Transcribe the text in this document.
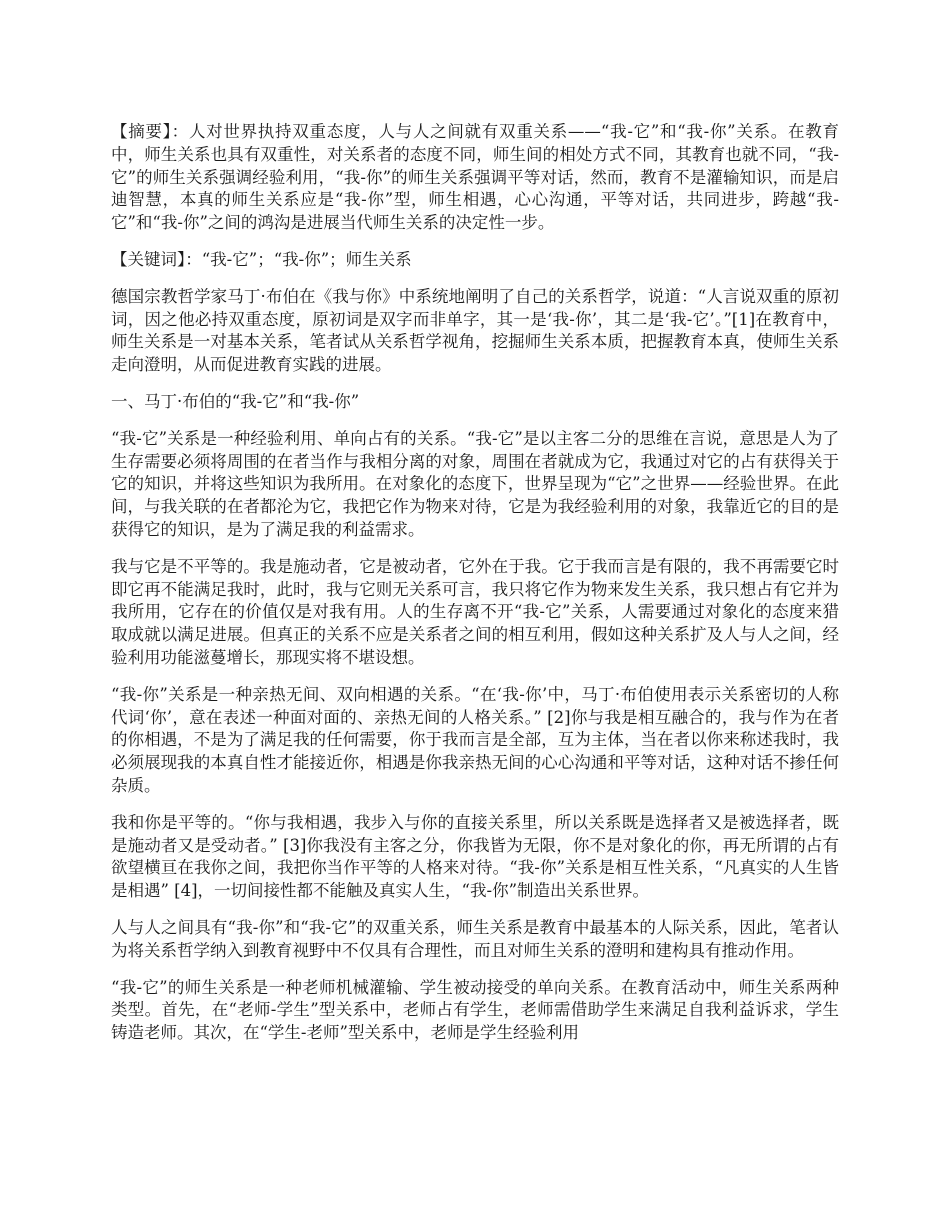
【摘要】：人对世界执持双重态度，人与人之间就有双重关系——“我-它”和“我-你”关系。在教育中，师生关系也具有双重性，对关系者的态度不同，师生间的相处方式不同，其教育也就不同，“我-它”的师生关系强调经验利用，“我-你”的师生关系强调平等对话，然而，教育不是灌输知识，而是启迪智慧，本真的师生关系应是“我-你”型，师生相遇，心心沟通，平等对话，共同进步，跨越“我-它”和“我-你”之间的鸿沟是进展当代师生关系的决定性一步。

【关键词】：“我-它”；“我-你”；师生关系

德国宗教哲学家马丁·布伯在《我与你》中系统地阐明了自己的关系哲学，说道：“人言说双重的原初词，因之他必持双重态度，原初词是双字而非单字，其一是‘我-你’，其二是‘我-它’。”[1]在教育中，师生关系是一对基本关系，笔者试从关系哲学视角，挖掘师生关系本质，把握教育本真，使师生关系走向澄明，从而促进教育实践的进展。

一、马丁·布伯的“我-它”和“我-你”

“我-它”关系是一种经验利用、单向占有的关系。“我-它”是以主客二分的思维在言说，意思是人为了生存需要必须将周围的在者当作与我相分离的对象，周围在者就成为它，我通过对它的占有获得关于它的知识，并将这些知识为我所用。在对象化的态度下，世界呈现为“它”之世界——经验世界。在此间，与我关联的在者都沦为它，我把它作为物来对待，它是为我经验利用的对象，我靠近它的目的是获得它的知识，是为了满足我的利益需求。

我与它是不平等的。我是施动者，它是被动者，它外在于我。它于我而言是有限的，我不再需要它时即它再不能满足我时，此时，我与它则无关系可言，我只将它作为物来发生关系，我只想占有它并为我所用，它存在的价值仅是对我有用。人的生存离不开“我-它”关系，人需要通过对象化的态度来猎取成就以满足进展。但真正的关系不应是关系者之间的相互利用，假如这种关系扩及人与人之间，经验利用功能滋蔓增长，那现实将不堪设想。

“我-你”关系是一种亲热无间、双向相遇的关系。“在‘我-你’中，马丁·布伯使用表示关系密切的人称代词‘你’，意在表述一种面对面的、亲热无间的人格关系。” [2]你与我是相互融合的，我与作为在者的你相遇，不是为了满足我的任何需要，你于我而言是全部，互为主体，当在者以你来称述我时，我必须展现我的本真自性才能接近你，相遇是你我亲热无间的心心沟通和平等对话，这种对话不掺任何杂质。

我和你是平等的。“你与我相遇，我步入与你的直接关系里，所以关系既是选择者又是被选择者，既是施动者又是受动者。” [3]你我没有主客之分，你我皆为无限，你不是对象化的你，再无所谓的占有欲望横亘在我你之间，我把你当作平等的人格来对待。“我-你”关系是相互性关系，“凡真实的人生皆是相遇” [4]，一切间接性都不能触及真实人生，“我-你”制造出关系世界。

人与人之间具有“我-你”和“我-它”的双重关系，师生关系是教育中最基本的人际关系，因此，笔者认为将关系哲学纳入到教育视野中不仅具有合理性，而且对师生关系的澄明和建构具有推动作用。

“我-它”的师生关系是一种老师机械灌输、学生被动接受的单向关系。在教育活动中，师生关系两种类型。首先，在“老师-学生”型关系中，老师占有学生，老师需借助学生来满足自我利益诉求，学生铸造老师。其次，在“学生-老师”型关系中，老师是学生经验利用
